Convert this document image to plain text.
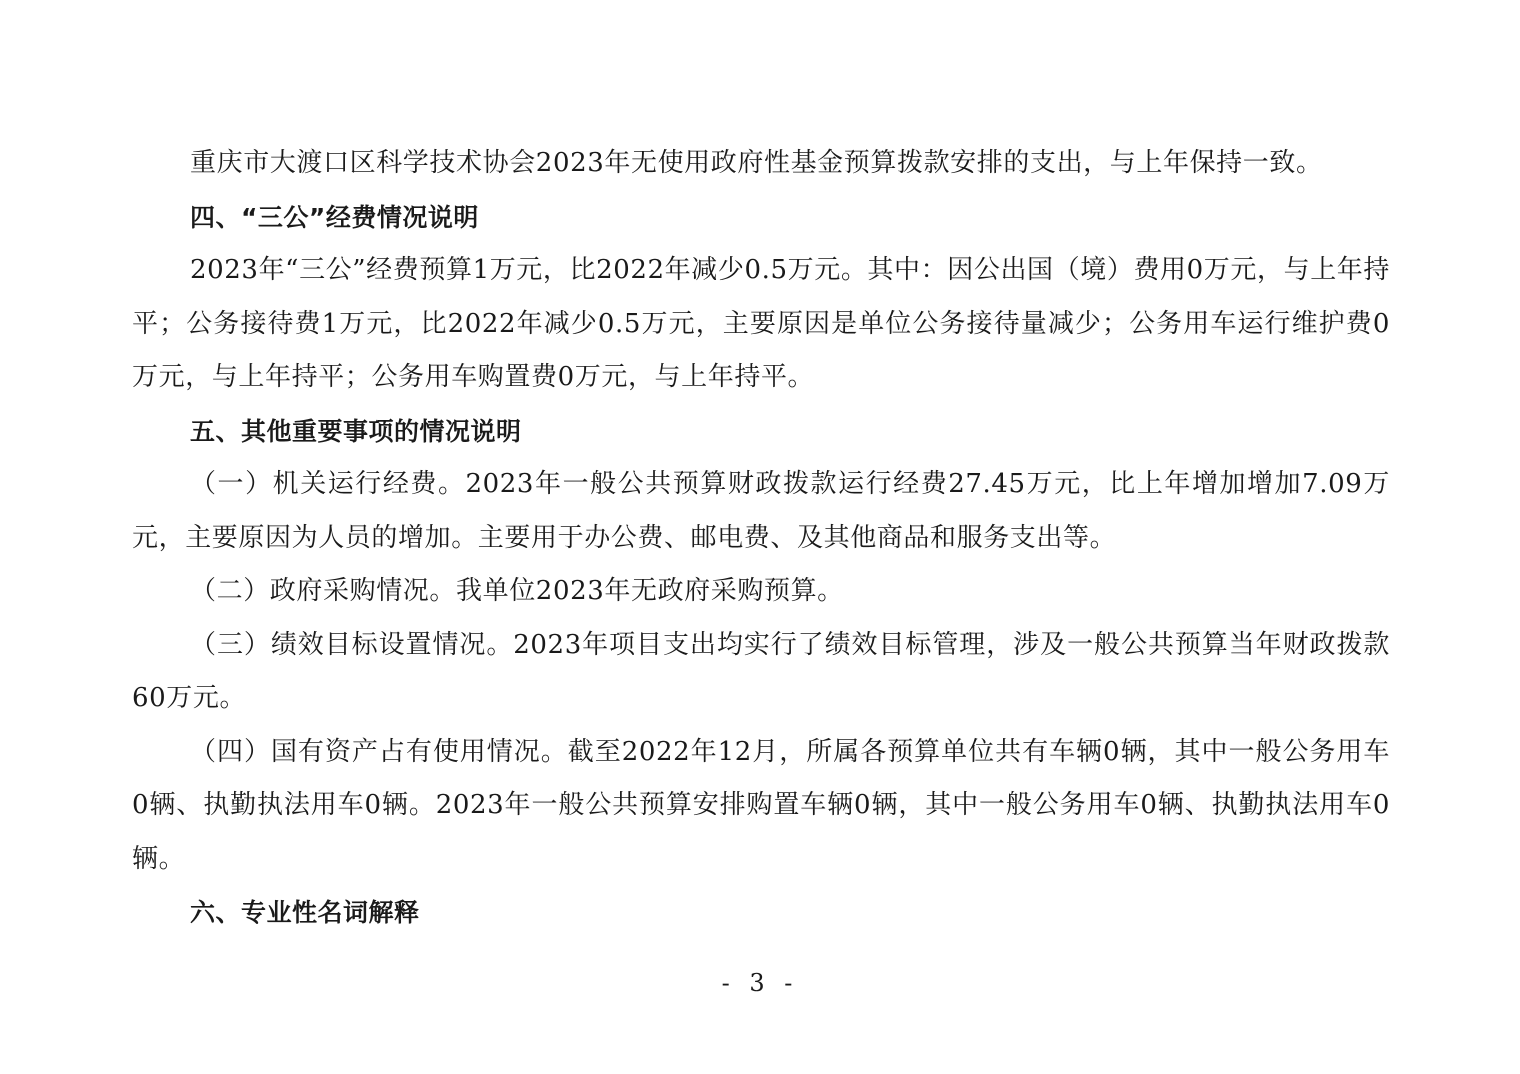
重庆市大渡口区科学技术协会2023年无使用政府性基金预算拨款安排的支出，与上年保持一致。

四、“三公”经费情况说明

2023年“三公”经费预算1万元，比2022年减少0.5万元。其中：因公出国（境）费用0万元，与上年持平；公务接待费1万元，比2022年减少0.5万元，主要原因是单位公务接待量减少；公务用车运行维护费0万元，与上年持平；公务用车购置费0万元，与上年持平。

五、其他重要事项的情况说明

（一）机关运行经费。2023年一般公共预算财政拨款运行经费27.45万元，比上年增加增加7.09万元，主要原因为人员的增加。主要用于办公费、邮电费、及其他商品和服务支出等。

（二）政府采购情况。我单位2023年无政府采购预算。

（三）绩效目标设置情况。2023年项目支出均实行了绩效目标管理，涉及一般公共预算当年财政拨款60万元。

（四）国有资产占有使用情况。截至2022年12月，所属各预算单位共有车辆0辆，其中一般公务用车0辆、执勤执法用车0辆。2023年一般公共预算安排购置车辆0辆，其中一般公务用车0辆、执勤执法用车0辆。

六、专业性名词解释

- 3 -
